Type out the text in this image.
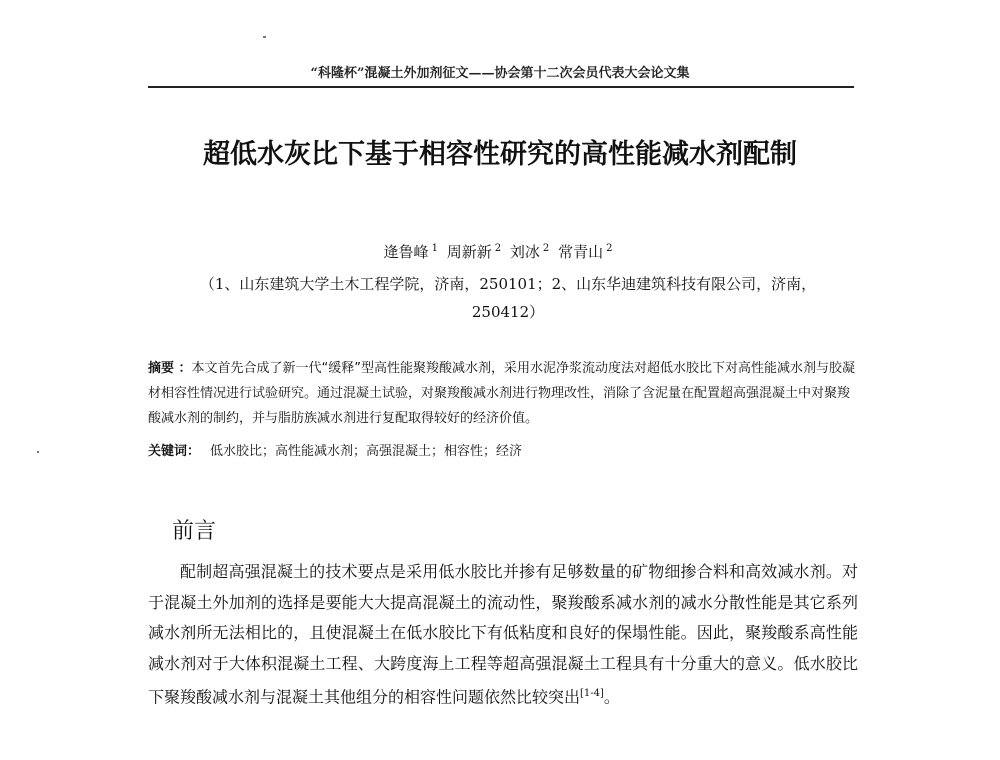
“科隆杯”混凝土外加剂征文——协会第十二次会员代表大会论文集
超低水灰比下基于相容性研究的高性能减水剂配制
逄鲁峰 $^1$ 周新新 $^2$ 刘冰 $^2$ 常青山 $^2$
（1、山东建筑大学土木工程学院，济南，250101；2、山东华迪建筑科技有限公司，济南，
250412）
摘要 ：本文首先合成了新一代“缓释”型高性能聚羧酸减水剂，采用水泥净浆流动度法对超低水胶比下对高性能减水剂与胶凝材相容性情况进行试验研究。通过混凝土试验，对聚羧酸减水剂进行物理改性，消除了含泥量在配置超高强混凝土中对聚羧酸减水剂的制约，并与脂肪族减水剂进行复配取得较好的经济价值。
关键词： 低水胶比；高性能减水剂；高强混凝土；相容性；经济
前言
配制超高强混凝土的技术要点是采用低水胶比并掺有足够数量的矿物细掺合料和高效减水剂。对于混凝土外加剂的选择是要能大大提高混凝土的流动性，聚羧酸系减水剂的减水分散性能是其它系列减水剂所无法相比的，且使混凝土在低水胶比下有低粘度和良好的保塌性能。因此，聚羧酸系高性能减水剂对于大体积混凝土工程、大跨度海上工程等超高强混凝土工程具有十分重大的意义。低水胶比下聚羧酸减水剂与混凝土其他组分的相容性问题依然比较突出[1-4]。
